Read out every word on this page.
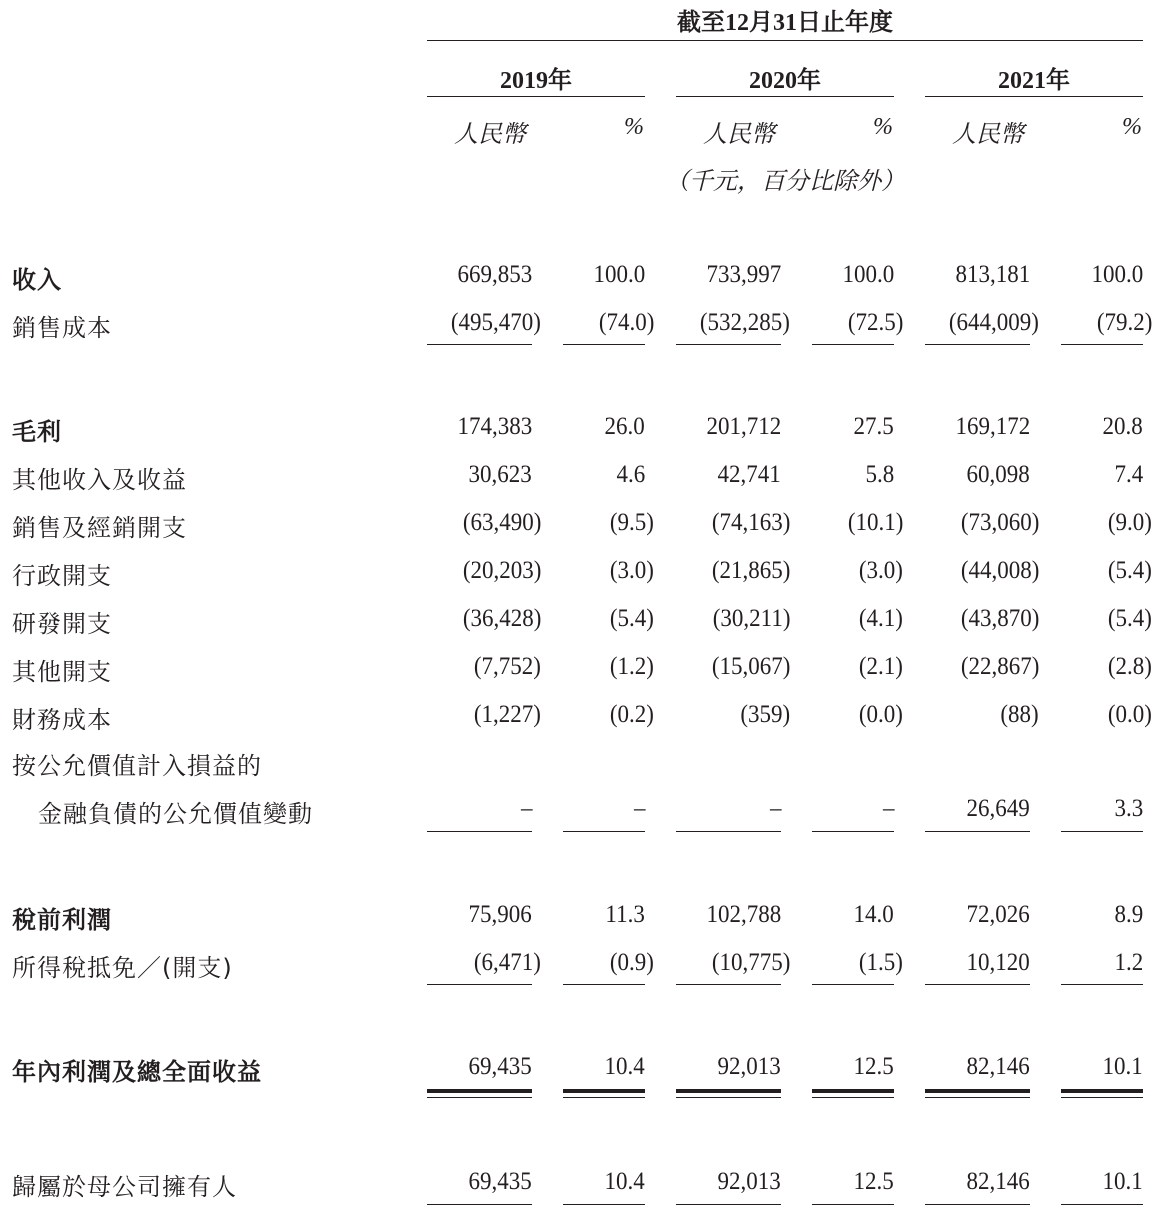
截至12月31日止年度
2019年	2020年	2021年
人民幣	% 人民幣	% 人民幣	%
（千元，百分比除外）
收入	669,853 100.0 733,997 100.0 813,181 100.0
銷售成本	(495,470) (74.0) (532,285) (72.5) (644,009) (79.2)
毛利	174,383	26.0 201,712	27.5 169,172	20.8
其他收入及收益	30,623	4.6	42,741	5.8	60,098	7.4
銷售及經銷開支	(63,490)	(9.5) (74,163) (10.1) (73,060)	(9.0)
行政開支	(20,203)	(3.0) (21,865)	(3.0) (44,008)	(5.4)
研發開支	(36,428)	(5.4) (30,211)	(4.1) (43,870)	(5.4)
其他開支	(7,752)	(1.2) (15,067)	(2.1) (22,867)	(2.8)
財務成本	(1,227)	(0.2)	(359)	(0.0)	(88)	(0.0)
按公允價值計入損益的
金融負債的公允價值變動	–	–	–	–	26,649	3.3
稅前利潤	75,906	11.3 102,788	14.0	72,026	8.9
所得稅抵免／(開支)	(6,471)	(0.9) (10,775)	(1.5)	10,120	1.2
年內利潤及總全面收益	69,435	10.4	92,013	12.5	82,146	10.1
歸屬於母公司擁有人	69,435	10.4	92,013	12.5	82,146	10.1
